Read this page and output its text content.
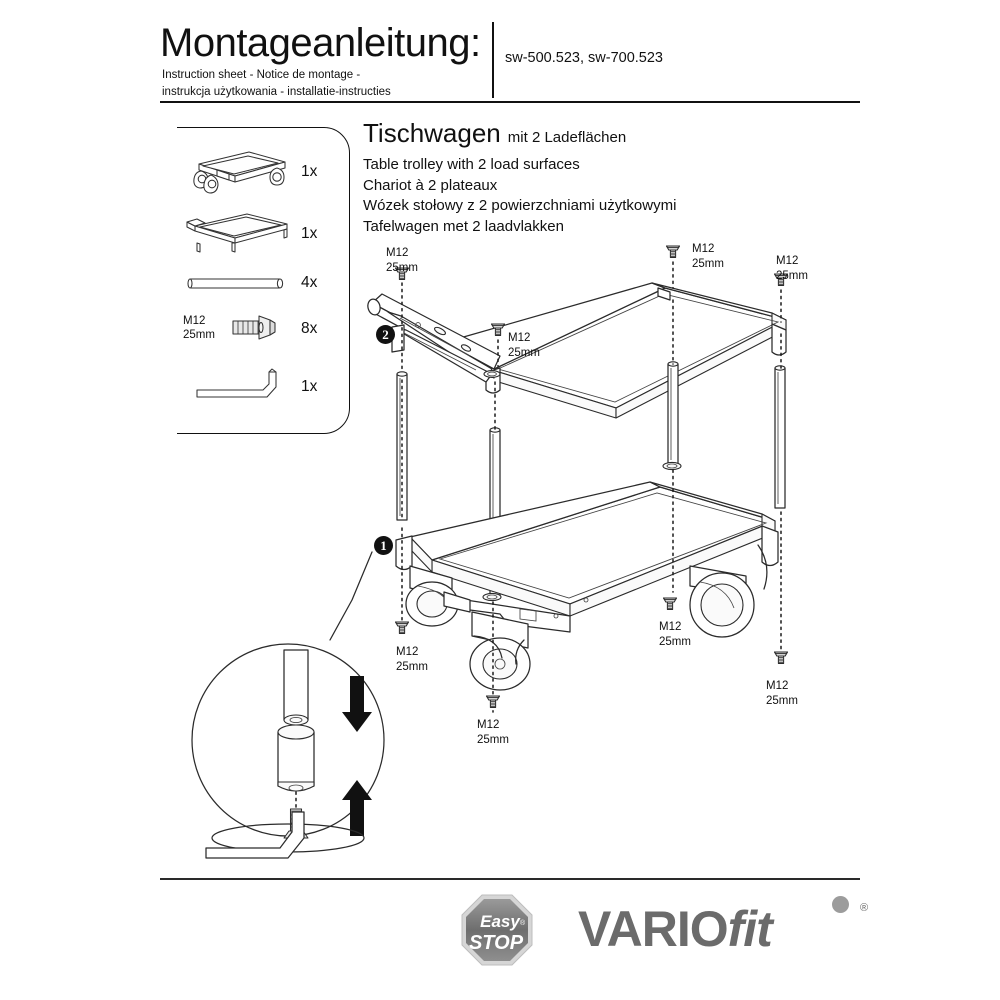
Montageanleitung: sw-500.523, sw-700.523
Instruction sheet - Notice de montage -
instrukcja użytkowania - installatie-instructies
Tischwagen mit 2 Ladeflächen
Table trolley with 2 load surfaces
Chariot à 2 plateaux
Wózek stołowy z 2 powierzchniami użytkowymi
Tafelwagen met 2 laadvlakken
1x
1x
4x
M12
25mm	8x
1x
M12
25mm
M12
25mm
M12
25mm	M12
25mm
M12
25mm
M12
25mm
M12
25mm
M12
25mm
2
1
Easy
STOP
® VARIOfit	®
